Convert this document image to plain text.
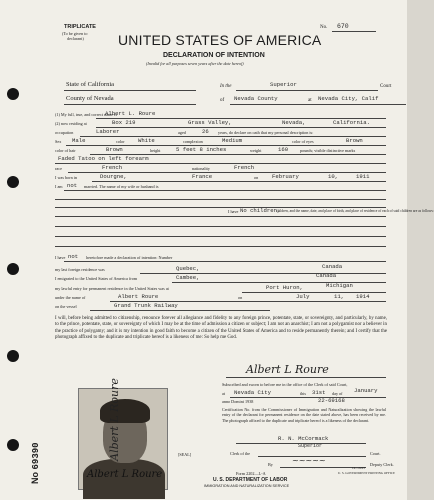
TRIPLICATE
(To be given to
declarant)
No. 670
UNITED STATES OF AMERICA
DECLARATION OF INTENTION
(Invalid for all purposes seven years after the date hereof)
State of California	In the	Superior	Court
County of Nevada	of Nevada County	at Nevada City, Calif
(1) My full, true, and correct name is
Albert L. Roure
(2) now residing at	Box 219	Grass Valley,	Nevada,	California.
occupation	Laborer	aged	26 years, do declare on oath that my personal description is:
Sex Male	color White	complexion	Medium	color of eyes	Brown
color of hair	Brown	height	5 feet 8 inches	weight	160	pounds; visible distinctive marks
Faded Tatoo on left forearm
race	French	nationality	French
I was born in	Dourgne,	France	on February	10,	1911
I am not married. The name of my wife or husband is
I have No children,
children, and the name, date, and place of birth, and place of residence of each of said children are as follows:
I have not heretofore made a declaration of intention: Number
my last foreign residence was	Quebec,	Canada
I emigrated to the United States of America from	Cambee,	Canada
my lawful entry for permanent residence in the United States was at	Port Huron,	Michigan
under the name of	Albert Roure	on	July	11, 1914
on the vessel	Grand Trunk Railway
I will, before being admitted to citizenship, renounce forever all allegiance and fidelity to any foreign prince, potentate, state, or sovereignty, and particularly, by name, to the prince, potentate, state, or sovereignty of which I may be at the time of admission a citizen or subject; I am not an anarchist; I am not a polygamist nor a believer in the practice of polygamy; and it is my intention in good faith to become a citizen of the United States of America and to reside permanently therein; and I certify that the photograph affixed to the duplicate and triplicate hereof is a likeness of me: So help me God.
Albert L Roure
Albert L Roure
Albert L Roure
No 69390
Subscribed and sworn to before me in the office of the Clerk of said Court,
at Nevada City	this 31st day of January
anno Domini 1938	22-69168
Certification No. from the Commissioner of Immigration and Naturalization showing the lawful entry of the declarant for permanent residence on the date stated above, has been received by me. The photograph affixed to the duplicate and triplicate hereof is a likeness of the declarant.
R. N. McCormack
Superior
Clerk of the	Court.
[SEAL]
By ~~~~~	Deputy Clerk.
Form 2202—L-A
U. S. DEPARTMENT OF LABOR
IMMIGRATION AND NATURALIZATION SERVICE
U. S. GOVERNMENT PRINTING OFFICE
14—2223
